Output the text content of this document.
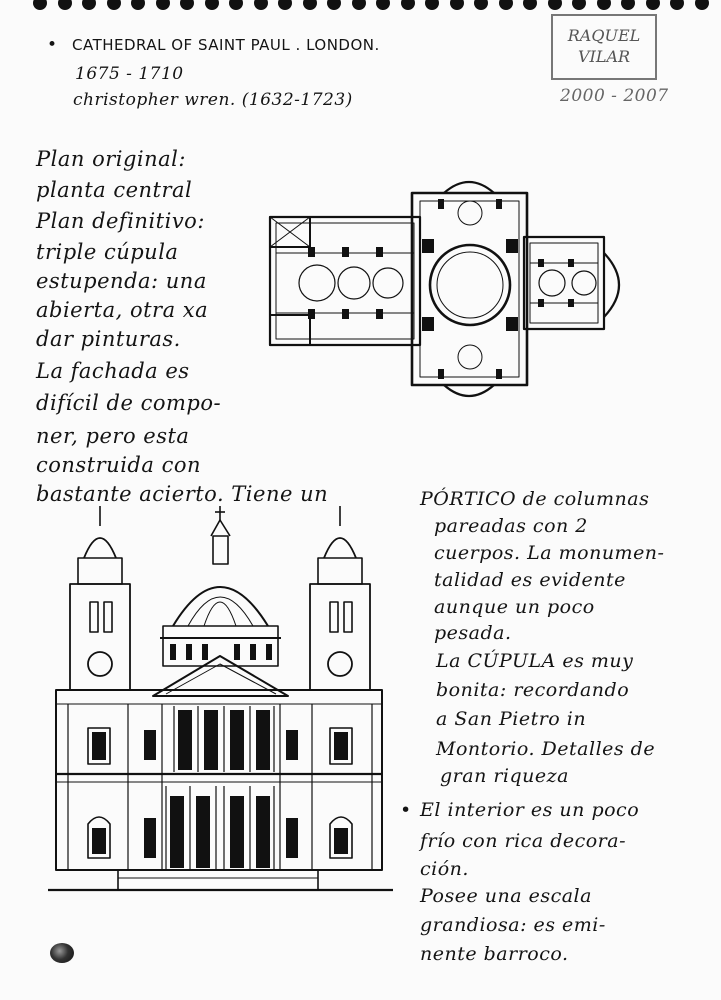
• CATHEDRAL OF SAINT PAUL . LONDON.
1675 - 1710
christopher wren. (1632-1723)
RAQUEL
VILAR
2000 - 2007
Plan original:
planta central
Plan definitivo:
triple cúpula
estupenda: una
abierta, otra xa
dar pinturas.
La fachada es
difícil de compo-
ner, pero esta
construida con
bastante acierto. Tiene un	PÓRTICO de columnas
pareadas con 2
cuerpos. La monumen-
talidad es evidente
aunque un poco
pesada.
La CÚPULA es muy
bonita: recordando
a San Pietro in
Montorio. Detalles de
gran riqueza
• El interior es un poco
frío con rica decora-
ción.
Posee una escala
grandiosa: es emi-
nente barroco.
